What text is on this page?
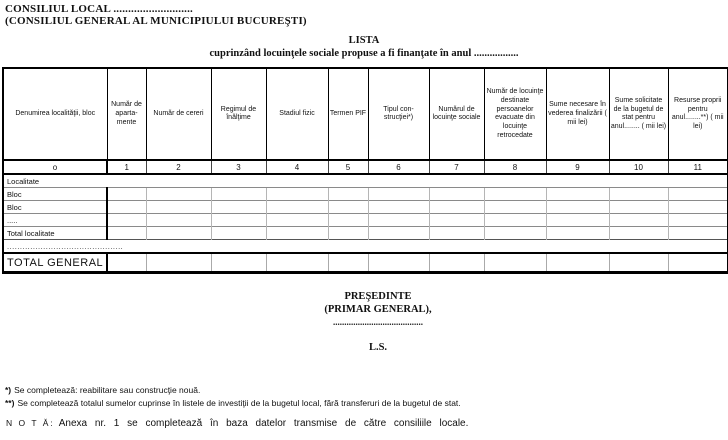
CONSILIUL LOCAL ...........................
(CONSILIUL GENERAL AL MUNICIPIULUI BUCUREŞTI)
LISTA
cuprinzând locuinţele sociale propuse a fi finanţate în anul .................
Denumirea localităţii, bloc	Număr de aparta- mente	Număr de cereri	Regimul de înălţime	Stadiul fizic	Termen PIF	Tipul con- strucţiei*)	Numărul de locuinţe sociale	Număr de locuinţe destinate persoanelor evacuate din locuinţe retrocedate	Sume necesare în vederea finalizării ( mii lei)	Sume solicitate de la bugetul de stat pentru anul........ ( mii lei)	Resurse proprii pentru anul........**) ( mii lei)
o	1	2	3	4	5	6	7	8	9	10	11
Localitate											
Bloc											
Bloc											
.....											
Total localitate											
.............................................											
TOTAL GENERAL											
PREŞEDINTE
(PRIMAR GENERAL),
........................................
L.S.
*) Se completează: reabilitare sau construcţie nouă.
**) Se completează totalul sumelor cuprinse în listele de investiţii de la bugetul local, fără transferuri de la bugetul de stat.
N O T Ă: Anexa nr. 1 se completează în baza datelor transmise de către consiliile locale.
